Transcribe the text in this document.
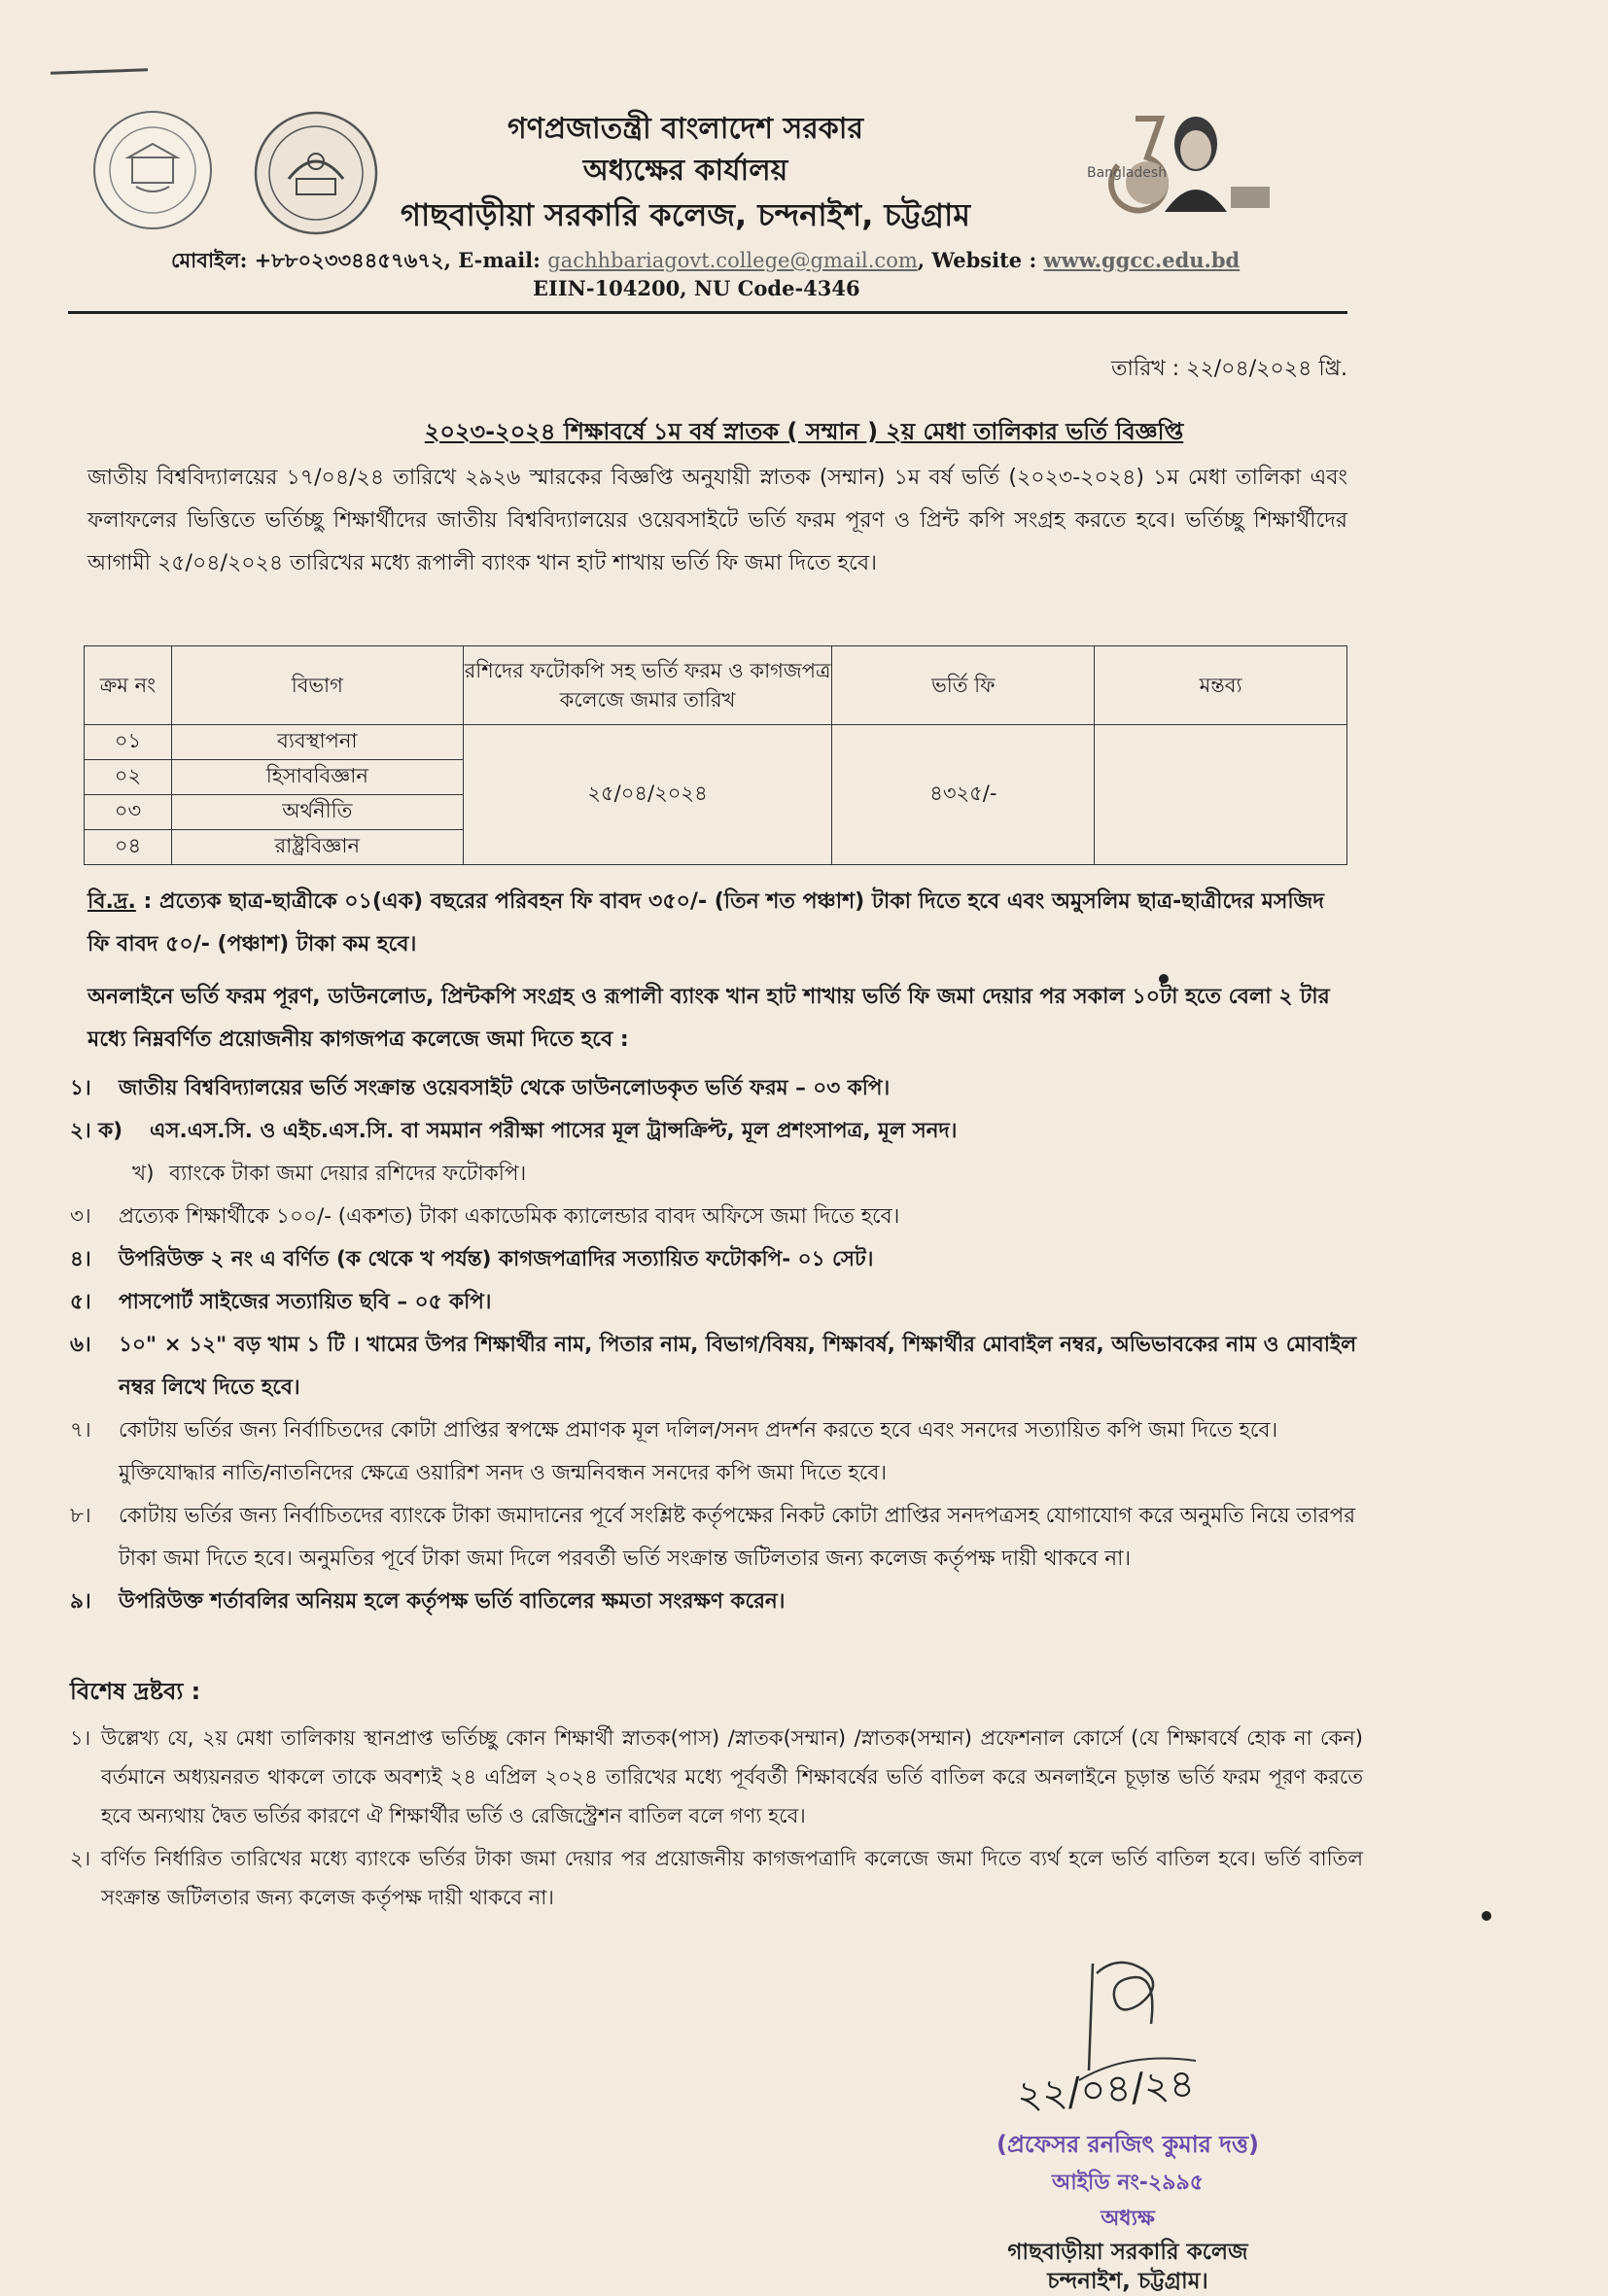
Bangladesh
গণপ্রজাতন্ত্রী বাংলাদেশ সরকার
অধ্যক্ষের কার্যালয়
গাছবাড়ীয়া সরকারি কলেজ, চন্দনাইশ, চট্টগ্রাম
মোবাইল: +৮৮০২৩৩৪৪৫৭৬৭২, E-mail: gachhbariagovt.college@gmail.com, Website : www.ggcc.edu.bd
EIIN-104200, NU Code-4346
তারিখ : ২২/০৪/২০২৪ খ্রি.
২০২৩-২০২৪ শিক্ষাবর্ষে ১ম বর্ষ স্নাতক ( সম্মান ) ২য় মেধা তালিকার ভর্তি বিজ্ঞপ্তি
জাতীয় বিশ্ববিদ্যালয়ের ১৭/০৪/২৪ তারিখে ২৯২৬ স্মারকের বিজ্ঞপ্তি অনুযায়ী স্নাতক (সম্মান) ১ম বর্ষ ভর্তি (২০২৩-২০২৪) ১ম মেধা তালিকা এবং ফলাফলের ভিত্তিতে ভর্তিচ্ছু শিক্ষার্থীদের জাতীয় বিশ্ববিদ্যালয়ের ওয়েবসাইটে ভর্তি ফরম পূরণ ও প্রিন্ট কপি সংগ্রহ করতে হবে। ভর্তিচ্ছু শিক্ষার্থীদের আগামী ২৫/০৪/২০২৪ তারিখের মধ্যে রূপালী ব্যাংক খান হাট শাখায় ভর্তি ফি জমা দিতে হবে।
ক্রম নং	বিভাগ	রশিদের ফটোকপি সহ ভর্তি ফরম ও কাগজপত্র কলেজে জমার তারিখ	ভর্তি ফি	মন্তব্য
০১	ব্যবস্থাপনা	২৫/০৪/২০২৪	৪৩২৫/-	
০২	হিসাববিজ্ঞান			
০৩	অর্থনীতি			
০৪	রাষ্ট্রবিজ্ঞান			
বি.দ্র. : প্রত্যেক ছাত্র-ছাত্রীকে ০১(এক) বছরের পরিবহন ফি বাবদ ৩৫০/- (তিন শত পঞ্চাশ) টাকা দিতে হবে এবং অমুসলিম ছাত্র-ছাত্রীদের মসজিদ ফি বাবদ ৫০/- (পঞ্চাশ) টাকা কম হবে।
অনলাইনে ভর্তি ফরম পূরণ, ডাউনলোড, প্রিন্টকপি সংগ্রহ ও রূপালী ব্যাংক খান হাট শাখায় ভর্তি ফি জমা দেয়ার পর সকাল ১০টা হতে বেলা ২ টার মধ্যে নিম্নবর্ণিত প্রয়োজনীয় কাগজপত্র কলেজে জমা দিতে হবে :
১। জাতীয় বিশ্ববিদ্যালয়ের ভর্তি সংক্রান্ত ওয়েবসাইট থেকে ডাউনলোডকৃত ভর্তি ফরম – ০৩ কপি।
২। ক) এস.এস.সি. ও এইচ.এস.সি. বা সমমান পরীক্ষা পাসের মূল ট্রান্সক্রিপ্ট, মূল প্রশংসাপত্র, মূল সনদ।
খ) ব্যাংকে টাকা জমা দেয়ার রশিদের ফটোকপি।
৩। প্রত্যেক শিক্ষার্থীকে ১০০/- (একশত) টাকা একাডেমিক ক্যালেন্ডার বাবদ অফিসে জমা দিতে হবে।
৪। উপরিউক্ত ২ নং এ বর্ণিত (ক থেকে খ পর্যন্ত) কাগজপত্রাদির সত্যায়িত ফটোকপি- ০১ সেট।
৫। পাসপোর্ট সাইজের সত্যায়িত ছবি – ০৫ কপি।
৬। ১০" × ১২" বড় খাম ১ টি । খামের উপর শিক্ষার্থীর নাম, পিতার নাম, বিভাগ/বিষয়, শিক্ষাবর্ষ, শিক্ষার্থীর মোবাইল নম্বর, অভিভাবকের নাম ও মোবাইল নম্বর লিখে দিতে হবে।
৭। কোটায় ভর্তির জন্য নির্বাচিতদের কোটা প্রাপ্তির স্বপক্ষে প্রমাণক মূল দলিল/সনদ প্রদর্শন করতে হবে এবং সনদের সত্যায়িত কপি জমা দিতে হবে। মুক্তিযোদ্ধার নাতি/নাতনিদের ক্ষেত্রে ওয়ারিশ সনদ ও জন্মনিবন্ধন সনদের কপি জমা দিতে হবে।
৮। কোটায় ভর্তির জন্য নির্বাচিতদের ব্যাংকে টাকা জমাদানের পূর্বে সংশ্লিষ্ট কর্তৃপক্ষের নিকট কোটা প্রাপ্তির সনদপত্রসহ যোগাযোগ করে অনুমতি নিয়ে তারপর টাকা জমা দিতে হবে। অনুমতির পূর্বে টাকা জমা দিলে পরবর্তী ভর্তি সংক্রান্ত জটিলতার জন্য কলেজ কর্তৃপক্ষ দায়ী থাকবে না।
৯। উপরিউক্ত শর্তাবলির অনিয়ম হলে কর্তৃপক্ষ ভর্তি বাতিলের ক্ষমতা সংরক্ষণ করেন।
বিশেষ দ্রষ্টব্য :
১। উল্লেখ্য যে, ২য় মেধা তালিকায় স্থানপ্রাপ্ত ভর্তিচ্ছু কোন শিক্ষার্থী স্নাতক(পাস) /স্নাতক(সম্মান) /স্নাতক(সম্মান) প্রফেশনাল কোর্সে (যে শিক্ষাবর্ষে হোক না কেন) বর্তমানে অধ্যয়নরত থাকলে তাকে অবশ্যই ২৪ এপ্রিল ২০২৪ তারিখের মধ্যে পূর্ববর্তী শিক্ষাবর্ষের ভর্তি বাতিল করে অনলাইনে চূড়ান্ত ভর্তি ফরম পূরণ করতে হবে অন্যথায় দ্বৈত ভর্তির কারণে ঐ শিক্ষার্থীর ভর্তি ও রেজিস্ট্রেশন বাতিল বলে গণ্য হবে।
২। বর্ণিত নির্ধারিত তারিখের মধ্যে ব্যাংকে ভর্তির টাকা জমা দেয়ার পর প্রয়োজনীয় কাগজপত্রাদি কলেজে জমা দিতে ব্যর্থ হলে ভর্তি বাতিল হবে। ভর্তি বাতিল সংক্রান্ত জটিলতার জন্য কলেজ কর্তৃপক্ষ দায়ী থাকবে না।
২২/০৪/২৪
(প্রফেসর রনজিৎ কুমার দত্ত)
আইডি নং-২৯৯৫
অধ্যক্ষ
গাছবাড়ীয়া সরকারি কলেজ
চন্দনাইশ, চট্টগ্রাম।
